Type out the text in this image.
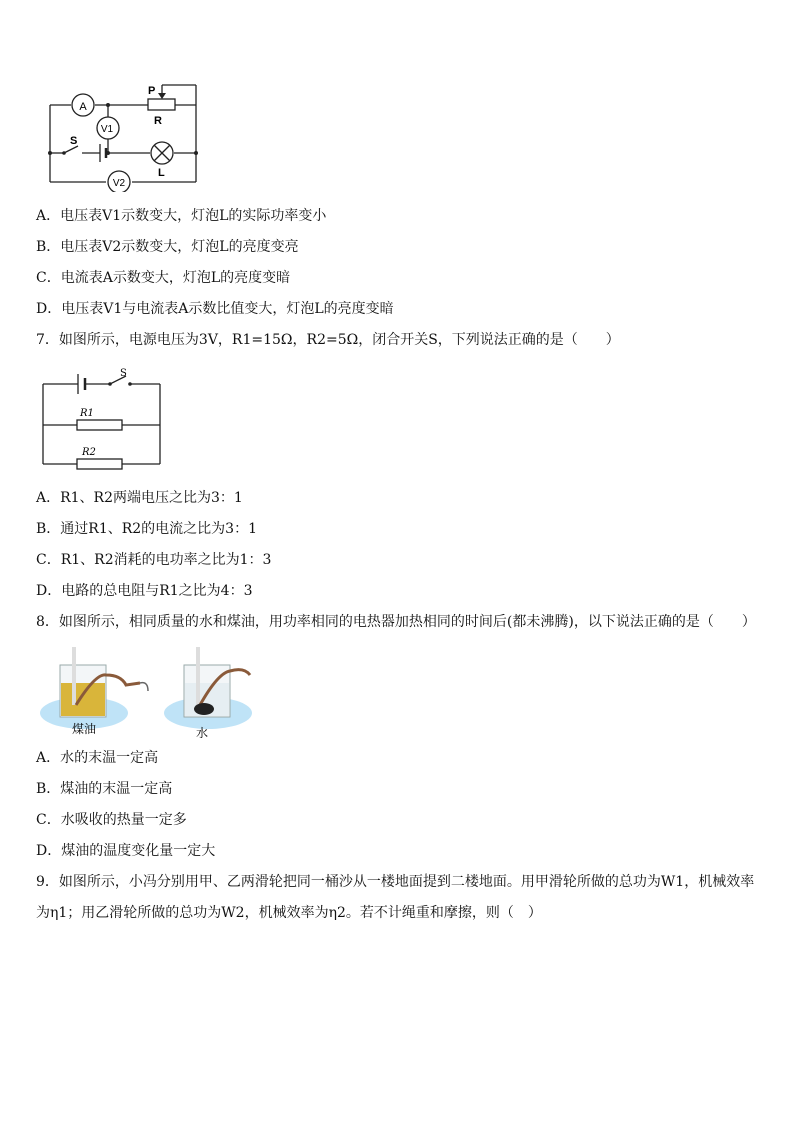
A
V1
V2
S
P
R
L
A．电压表V1示数变大，灯泡L的实际功率变小
B．电压表V2示数变大，灯泡L的亮度变亮
C．电流表A示数变大，灯泡L的亮度变暗
D．电压表V1与电流表A示数比值变大，灯泡L的亮度变暗
7．如图所示，电源电压为3V，R1=15Ω，R2=5Ω，闭合开关S，下列说法正确的是（　　）
S
R1
R2
A．R1、R2两端电压之比为3：1
B．通过R1、R2的电流之比为3：1
C．R1、R2消耗的电功率之比为1：3
D．电路的总电阻与R1之比为4：3
8．如图所示，相同质量的水和煤油，用功率相同的电热器加热相同的时间后(都未沸腾)，以下说法正确的是（　　）
煤油	水
A．水的末温一定高
B．煤油的末温一定高
C．水吸收的热量一定多
D．煤油的温度变化量一定大
9．如图所示，小冯分别用甲、乙两滑轮把同一桶沙从一楼地面提到二楼地面。用甲滑轮所做的总功为W1，机械效率
为η1；用乙滑轮所做的总功为W2，机械效率为η2。若不计绳重和摩擦，则（　）
